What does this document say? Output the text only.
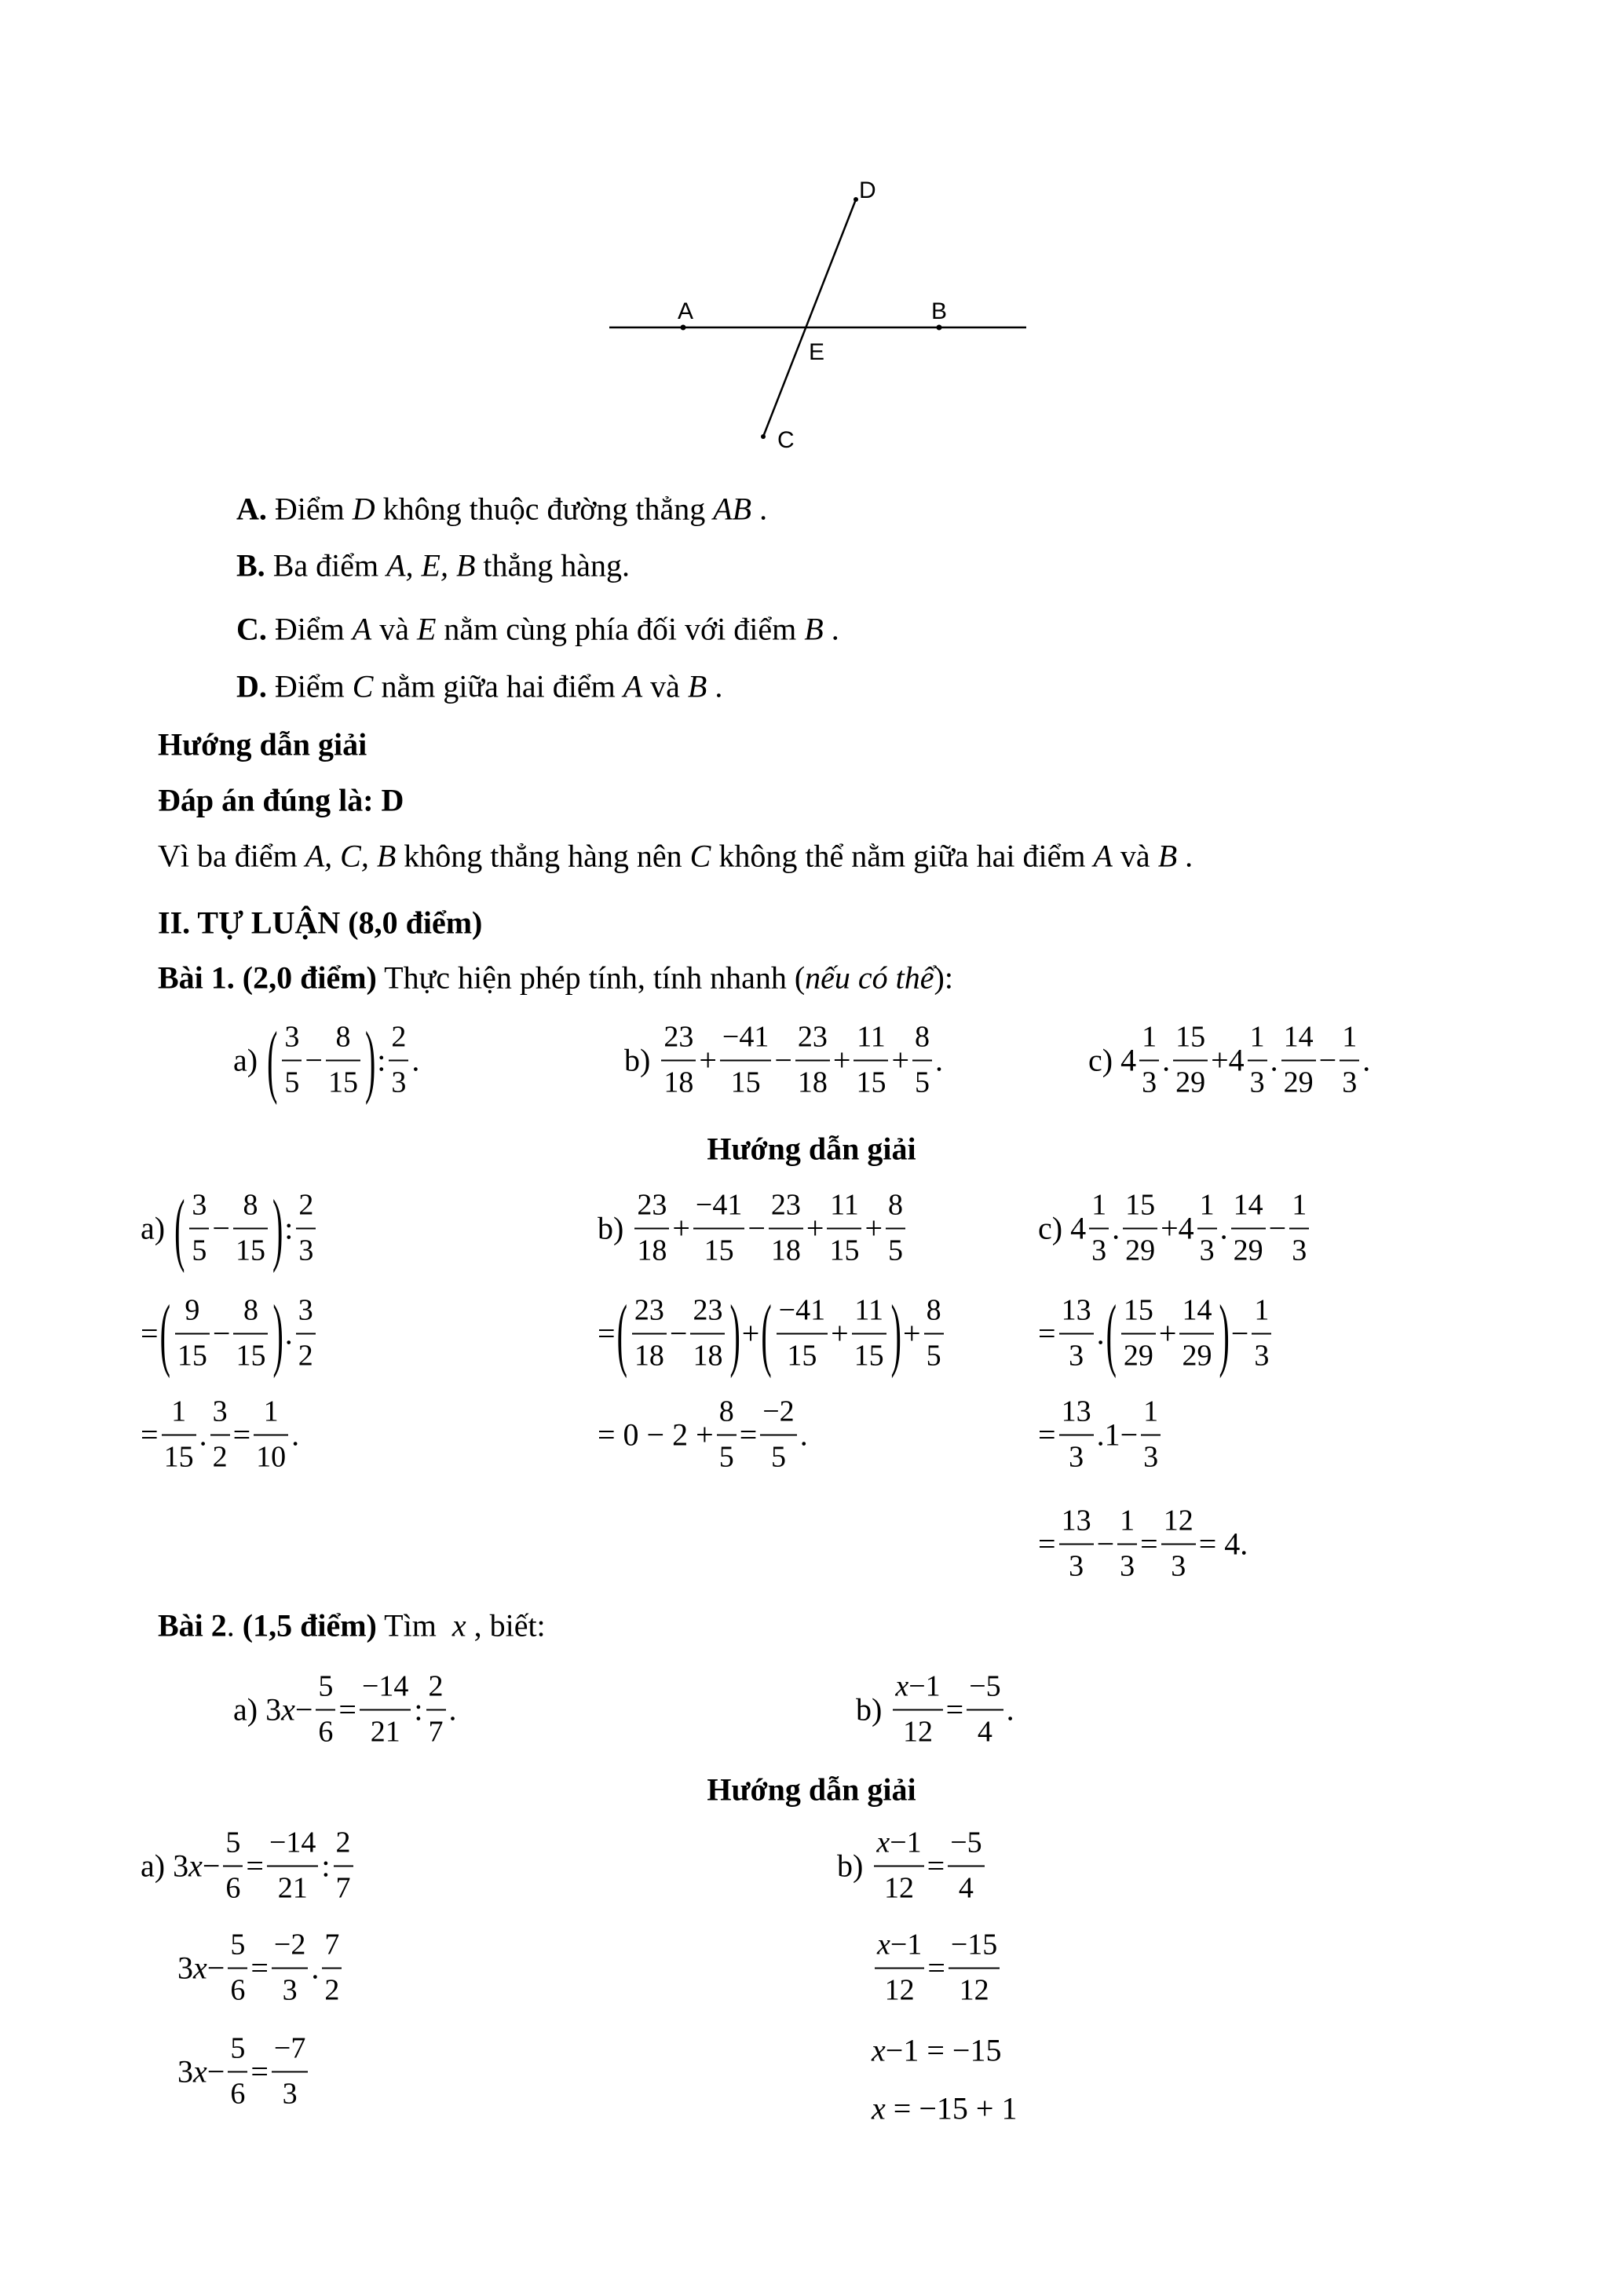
D
A	B
E
C
A. Điểm D không thuộc đường thẳng AB .
B. Ba điểm A, E, B thẳng hàng.
C. Điểm A và E nằm cùng phía đối với điểm B .
D. Điểm C nằm giữa hai điểm A và B .
Hướng dẫn giải
Đáp án đúng là: D
Vì ba điểm A, C, B không thẳng hàng nên C không thể nằm giữa hai điểm A và B .
II. TỰ LUẬN (8,0 điểm)
Bài 1. (2,0 điểm) Thực hiện phép tính, tính nhanh ( nếu có thể ):
a) ( $\frac{3}{5} - \frac{8}{15}$ ) : $\frac{2}{3}$ .	$b) \frac{23}{18} + \frac{-41}{15} - \frac{23}{18} + \frac{11}{15} + \frac{8}{5}$ .	c) $4 \frac{1}{3}$ . $\frac{15}{29} +4 \frac{1}{3}$ . $\frac{14}{29} - \frac{1}{3}$ .
Hướng dẫn giải
a) ( $\frac{3}{5} - \frac{8}{15}$ ) : $\frac{2}{3}$
= ( $\frac{9}{15} - \frac{8}{15}$ ) . $\frac{3}{2}$
= $\frac{1}{15}$ . $\frac{3}{2} = \frac{1}{10}$ .
$b) \frac{23}{18} + \frac{-41}{15} - \frac{23}{18} + \frac{11}{15} + \frac{8}{5}$
= ( $\frac{23}{18} - \frac{23}{18}$ ) + ( $\frac{-41}{15} + \frac{11}{15}$ ) + $\frac{8}{5}$
= $0 - 2 + \frac{8}{5} = \frac{-2}{5}$ .
c) $4 \frac{1}{3}$ . $\frac{15}{29} +4 \frac{1}{3}$ . $\frac{14}{29} - \frac{1}{3}$
= $\frac{13}{3}$ . ( $\frac{15}{29} + \frac{14}{29}$ ) − $\frac{1}{3}$
= $\frac{13}{3} .1- \frac{1}{3}$
= $\frac{13}{3} - \frac{1}{3} = \frac{12}{3} = 4$.
Bài 2 . (1,5 điểm) Tìm x , biết:
a) 3 $x - \frac{5}{6} = \frac{-14}{21}$ : $\frac{2}{7}$ .	$b) \frac{x-1}{12} = \frac{-5}{4}$ .
Hướng dẫn giải
a) 3 $x - \frac{5}{6} = \frac{-14}{21}$ : $\frac{2}{7}$
3 $x - \frac{5}{6} = \frac{-2}{3}$ . $\frac{7}{2}$
3 $x - \frac{5}{6} = \frac{-7}{3}$
$b) \frac{x-1}{12} = \frac{-5}{4}$
$\frac{x-1}{12} = \frac{-15}{12}$
x −1 = −15
x = −15 + 1
